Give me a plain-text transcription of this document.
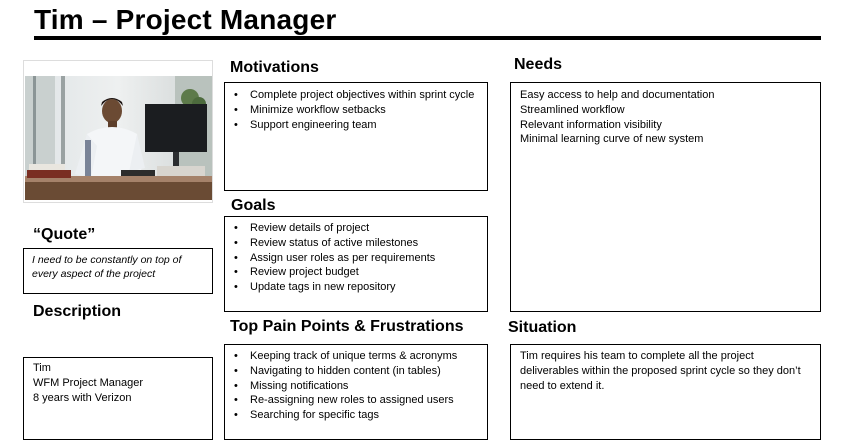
Tim – Project Manager
“Quote”

I need to be constantly on top of every aspect of the project

Description

Tim

WFM Project Manager

8 years with Verizon

Motivations
• Complete project objectives within sprint cycle
• Minimize workflow setbacks
• Support engineering team
Goals
• Review details of project
• Review status of active milestones
• Assign user roles as per requirements
• Review project budget
• Update tags in new repository
Top Pain Points & Frustrations
• Keeping track of unique terms & acronyms
• Navigating to hidden content (in tables)
• Missing notifications
• Re-assigning new roles to assigned users
• Searching for specific tags
Needs

Easy access to help and documentation

Streamlined workflow

Relevant information visibility

Minimal learning curve of new system

Situation

Tim requires his team to complete all the project deliverables within the proposed sprint cycle so they don’t need to extend it.
